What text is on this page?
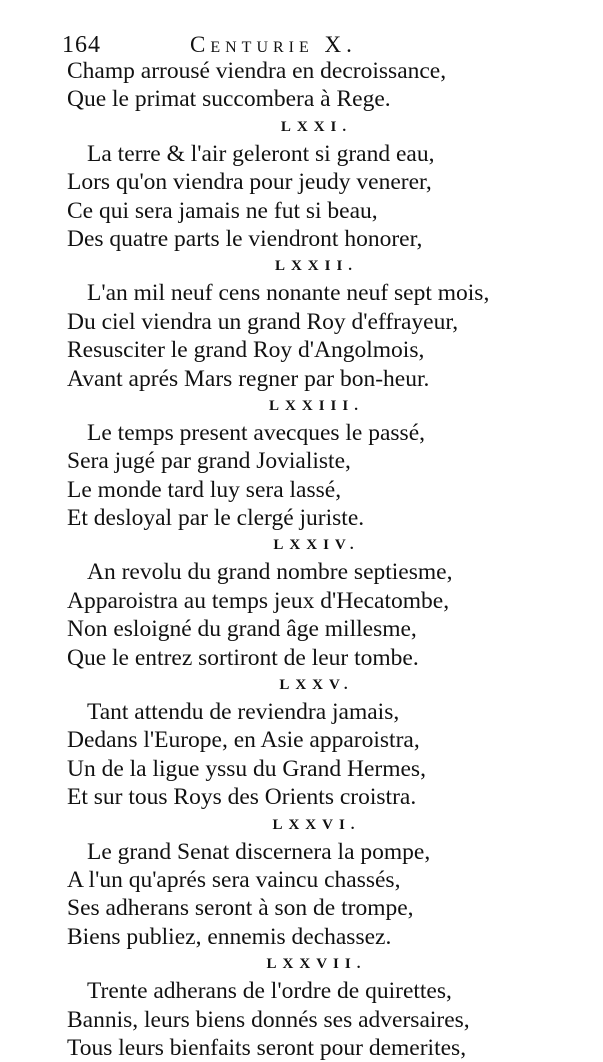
164	Centurie X.
Champ arrousé viendra en decroissance,
Que le primat succombera à Rege.
LXXI.
La terre & l'air geleront si grand eau,
Lors qu'on viendra pour jeudy venerer,
Ce qui sera jamais ne fut si beau,
Des quatre parts le viendront honorer,
LXXII.
L'an mil neuf cens nonante neuf sept mois,
Du ciel viendra un grand Roy d'effrayeur,
Resusciter le grand Roy d'Angolmois,
Avant aprés Mars regner par bon-heur.
LXXIII.
Le temps present avecques le passé,
Sera jugé par grand Jovialiste,
Le monde tard luy sera lassé,
Et desloyal par le clergé juriste.
LXXIV.
An revolu du grand nombre septiesme,
Apparoistra au temps jeux d'Hecatombe,
Non esloigné du grand âge millesme,
Que le entrez sortiront de leur tombe.
LXXV.
Tant attendu de reviendra jamais,
Dedans l'Europe, en Asie apparoistra,
Un de la ligue yssu du Grand Hermes,
Et sur tous Roys des Orients croistra.
LXXVI.
Le grand Senat discernera la pompe,
A l'un qu'aprés sera vaincu chassés,
Ses adherans seront à son de trompe,
Biens publiez, ennemis dechassez.
LXXVII.
Trente adherans de l'ordre de quirettes,
Bannis, leurs biens donnés ses adversaires,
Tous leurs bienfaits seront pour demerites,
